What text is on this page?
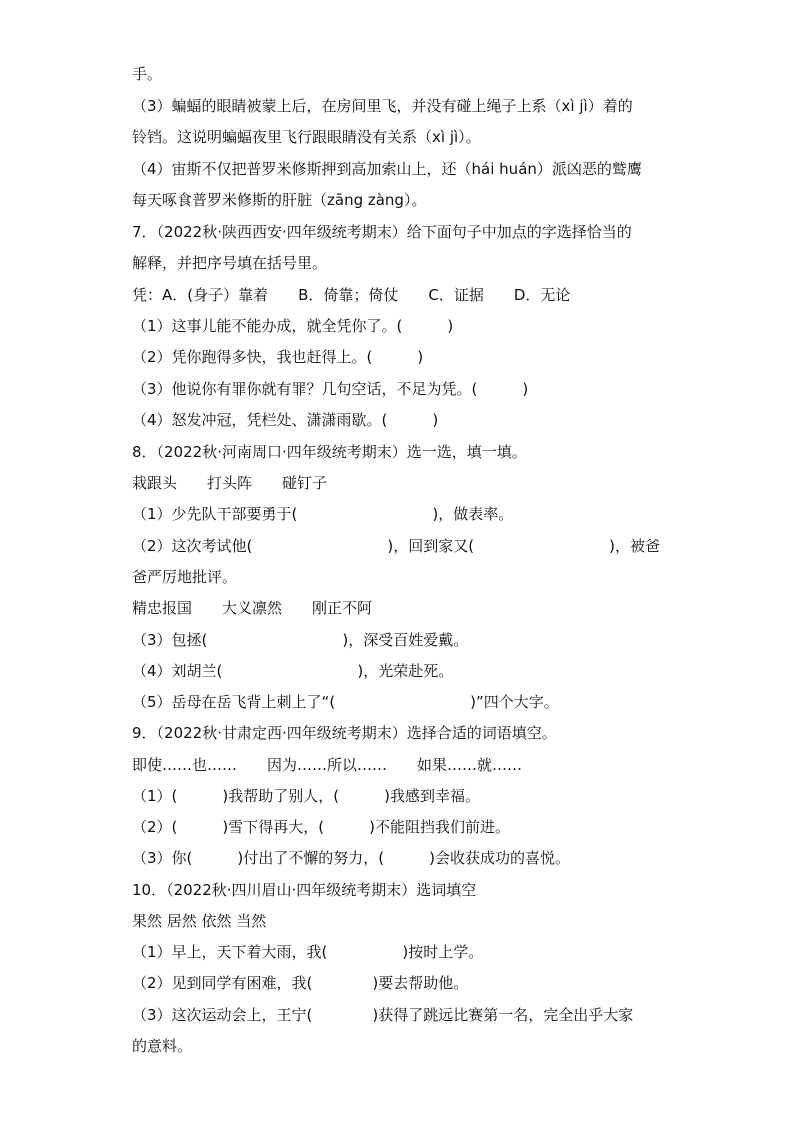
手。
（3）蝙蝠的眼睛被蒙上后，在房间里飞，并没有碰上绳子上系（xì jì）着的
铃铛。这说明蝙蝠夜里飞行跟眼睛没有关系（xì jì）。
（4）宙斯不仅把普罗米修斯押到高加索山上，还（hái huán）派凶恶的鹫鹰
每天啄食普罗米修斯的肝脏（zāng zàng）。
7．（2022秋·陕西西安·四年级统考期末）给下面句子中加点的字选择恰当的
解释，并把序号填在括号里。
凭：A．(身子）靠着　　B．倚靠；倚仗　　C．证据　　D．无论
（1）这事儿能不能办成，就全凭你了。(　　　)
（2）凭你跑得多快，我也赶得上。(　　　)
（3）他说你有罪你就有罪？几句空话，不足为凭。(　　　)
（4）怒发冲冠，凭栏处、潇潇雨歇。(　　　)
8．（2022秋·河南周口·四年级统考期末）选一选，填一填。
栽跟头　　打头阵　　碰钉子
（1）少先队干部要勇于(　　　　　　　　　)，做表率。
（2）这次考试他(　　　　　　　　　)，回到家又(　　　　　　　　　)，被爸
爸严厉地批评。
精忠报国　　大义凛然　　刚正不阿
（3）包拯(　　　　　　　　　)，深受百姓爱戴。
（4）刘胡兰(　　　　　　　　　)，光荣赴死。
（5）岳母在岳飞背上刺上了“(　　　　　　　　　)”四个大字。
9．（2022秋·甘肃定西·四年级统考期末）选择合适的词语填空。
即使……也……　　因为……所以……　　如果……就……
（1）(　　　)我帮助了别人，(　　　)我感到幸福。
（2）(　　　)雪下得再大，(　　　)不能阻挡我们前进。
（3）你(　　　)付出了不懈的努力，(　　　)会收获成功的喜悦。
10．（2022秋·四川眉山·四年级统考期末）选词填空
果然 居然 依然 当然
（1）早上，天下着大雨，我(　　　　　)按时上学。
（2）见到同学有困难，我(　　　　)要去帮助他。
（3）这次运动会上，王宁(　　　　)获得了跳远比赛第一名，完全出乎大家
的意料。
